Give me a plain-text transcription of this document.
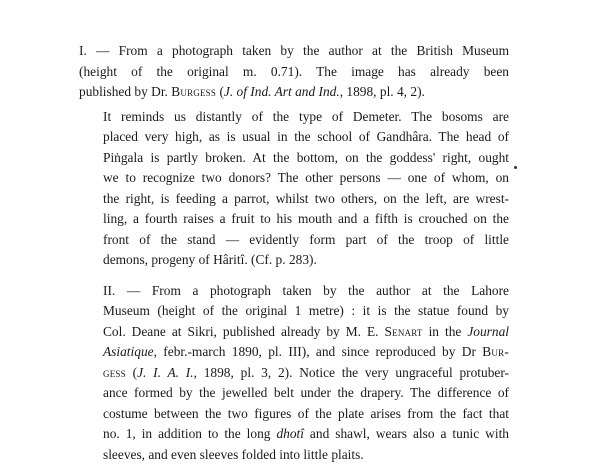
I. — From a photograph taken by the author at the British Museum
(height of the original m. 0.71). The image has already been
published by Dr. Burgess (J. of Ind. Art and Ind., 1898, pl. 4, 2).

It reminds us distantly of the type of Demeter. The bosoms are
placed very high, as is usual in the school of Gandhâra. The head of
Piṅgala is partly broken. At the bottom, on the goddess' right, ought
we to recognize two donors? The other persons — one of whom, on
the right, is feeding a parrot, whilst two others, on the left, are wrest-
ling, a fourth raises a fruit to his mouth and a fifth is crouched on the
front of the stand — evidently form part of the troop of little
demons, progeny of Hâritî. (Cf. p. 283).

II. — From a photograph taken by the author at the Lahore
Museum (height of the original 1 metre) : it is the statue found by
Col. Deane at Sikri, published already by M. E. Senart in the Journal
Asiatique, febr.-march 1890, pl. III), and since reproduced by Dr Bur-
gess (J. I. A. I., 1898, pl. 3, 2). Notice the very ungraceful protuber-
ance formed by the jewelled belt under the drapery. The difference of
costume between the two figures of the plate arises from the fact that
no. 1, in addition to the long dhotî and shawl, wears also a tunic with
sleeves, and even sleeves folded into little plaits.
